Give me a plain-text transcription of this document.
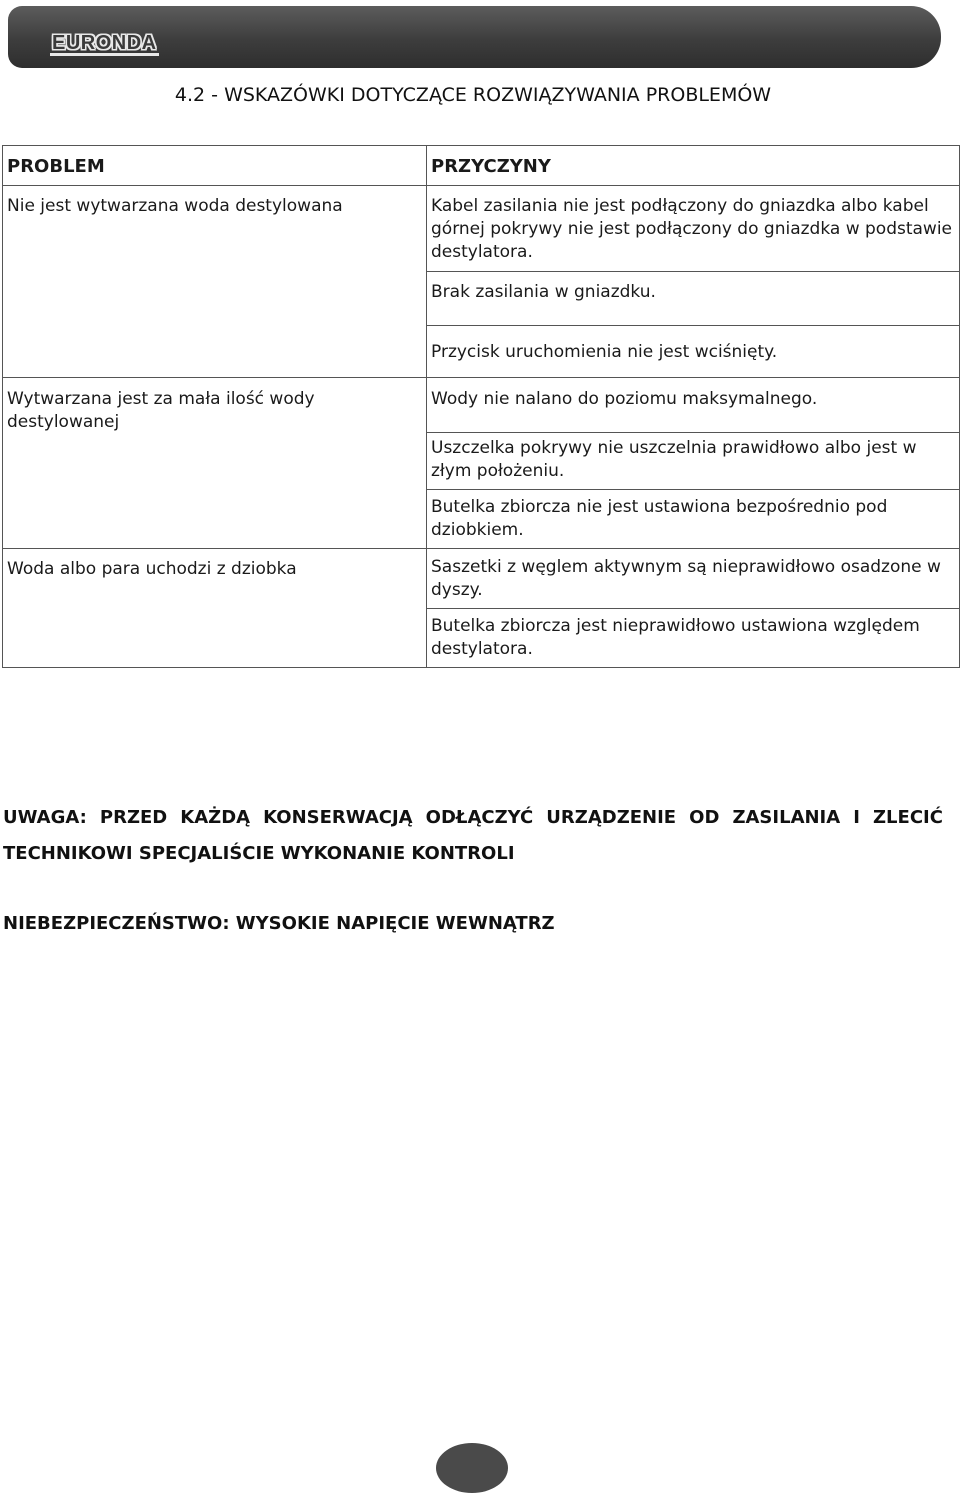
EURONDA
4.2 - WSKAZÓWKI DOTYCZĄCE ROZWIĄZYWANIA PROBLEMÓW
PROBLEM	PRZYCZYNY
Nie jest wytwarzana woda destylowana	Kabel zasilania nie jest podłączony do gniazdka albo kabel górnej pokrywy nie jest podłączony do gniazdka w podstawie destylatora.
	Brak zasilania w gniazdku.
	Przycisk uruchomienia nie jest wciśnięty.
Wytwarzana jest za mała ilość wody destylowanej	Wody nie nalano do poziomu maksymalnego.
	Uszczelka pokrywy nie uszczelnia prawidłowo albo jest w złym położeniu.
	Butelka zbiorcza nie jest ustawiona bezpośrednio pod dziobkiem.
Woda albo para uchodzi z dziobka	Saszetki z węglem aktywnym są nieprawidłowo osadzone w dyszy.
	Butelka zbiorcza jest nieprawidłowo ustawiona względem destylatora.
UWAGA: PRZED KAŻDĄ KONSERWACJĄ ODŁĄCZYĆ URZĄDZENIE OD ZASILANIA I ZLECIĆ
TECHNIKOWI SPECJALIŚCIE WYKONANIE KONTROLI
NIEBEZPIECZEŃSTWO: WYSOKIE NAPIĘCIE WEWNĄTRZ
